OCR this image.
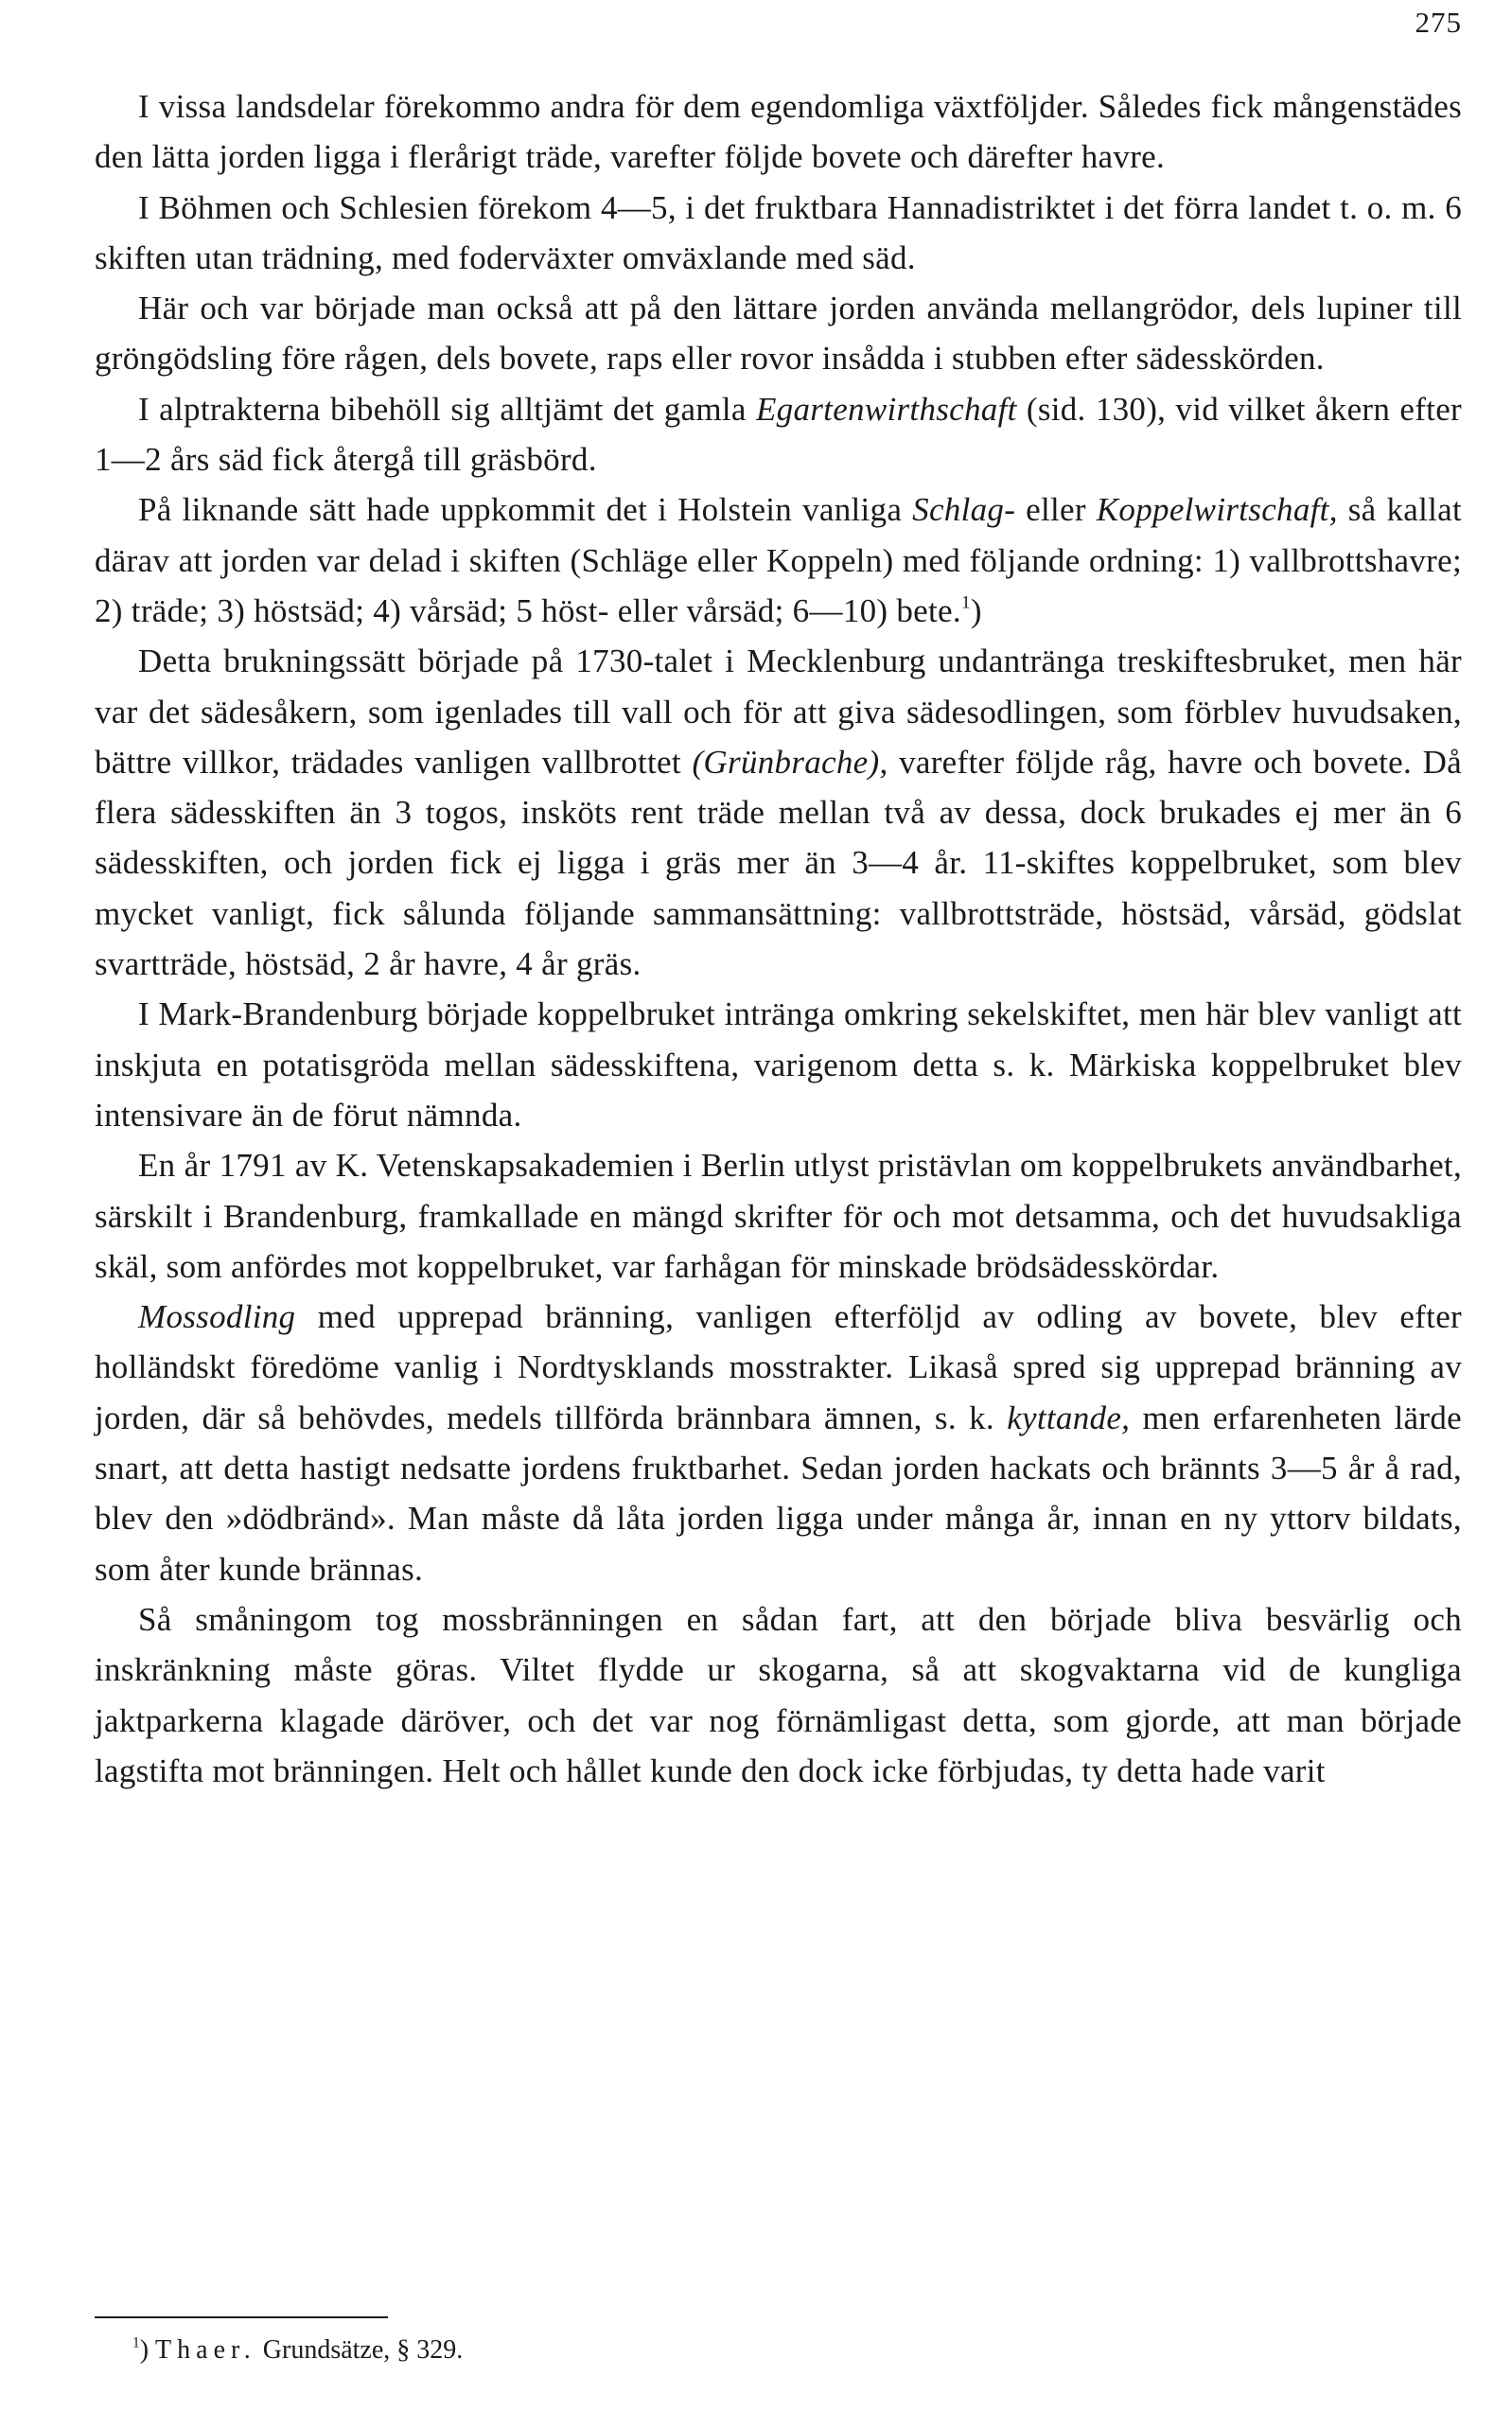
275

I vissa landsdelar förekommo andra för dem egendomliga växtföljder. Således fick mångenstädes den lätta jorden ligga i flerårigt träde, varefter följde bovete och därefter havre.

I Böhmen och Schlesien förekom 4—5, i det fruktbara Hannadistriktet i det förra landet t. o. m. 6 skiften utan trädning, med foderväxter omväxlande med säd.

Här och var började man också att på den lättare jorden använda mellangrödor, dels lupiner till gröngödsling före rågen, dels bovete, raps eller rovor insådda i stubben efter sädesskörden.

I alptrakterna bibehöll sig alltjämt det gamla Egartenwirthschaft (sid. 130), vid vilket åkern efter 1—2 års säd fick återgå till gräsbörd.

På liknande sätt hade uppkommit det i Holstein vanliga Schlag- eller Koppelwirtschaft, så kallat därav att jorden var delad i skiften (Schläge eller Koppeln) med följande ordning: 1) vallbrottshavre; 2) träde; 3) höstsäd; 4) vårsäd; 5 höst- eller vårsäd; 6—10) bete.$^1$)

Detta brukningssätt började på 1730-talet i Mecklenburg undantränga treskiftesbruket, men här var det sädesåkern, som igenlades till vall och för att giva sädesodlingen, som förblev huvudsaken, bättre villkor, trädades vanligen vallbrottet (Grünbrache), varefter följde råg, havre och bovete. Då flera sädesskiften än 3 togos, insköts rent träde mellan två av dessa, dock brukades ej mer än 6 sädesskiften, och jorden fick ej ligga i gräs mer än 3—4 år. 11-skiftes koppelbruket, som blev mycket vanligt, fick sålunda följande sammansättning: vallbrottsträde, höstsäd, vårsäd, gödslat svartträde, höstsäd, 2 år havre, 4 år gräs.

I Mark-Brandenburg började koppelbruket intränga omkring sekelskiftet, men här blev vanligt att inskjuta en potatisgröda mellan sädesskiftena, varigenom detta s. k. Märkiska koppelbruket blev intensivare än de förut nämnda.

En år 1791 av K. Vetenskapsakademien i Berlin utlyst pristävlan om koppelbrukets användbarhet, särskilt i Brandenburg, framkallade en mängd skrifter för och mot detsamma, och det huvudsakliga skäl, som anfördes mot koppelbruket, var farhågan för minskade brödsädesskördar.

Mossodling med upprepad bränning, vanligen efterföljd av odling av bovete, blev efter holländskt föredöme vanlig i Nordtysklands mosstrakter. Likaså spred sig upprepad bränning av jorden, där så behövdes, medels tillförda brännbara ämnen, s. k. kyttande, men erfarenheten lärde snart, att detta hastigt nedsatte jordens fruktbarhet. Sedan jorden hackats och brännts 3—5 år å rad, blev den »dödbränd». Man måste då låta jorden ligga under många år, innan en ny yttorv bildats, som åter kunde brännas.

Så småningom tog mossbränningen en sådan fart, att den började bliva besvärlig och inskränkning måste göras. Viltet flydde ur skogarna, så att skogvaktarna vid de kungliga jaktparkerna klagade däröver, och det var nog förnämligast detta, som gjorde, att man började lagstifta mot bränningen. Helt och hållet kunde den dock icke förbjudas, ty detta hade varit

$^1$) Thaer. Grundsätze, § 329.
